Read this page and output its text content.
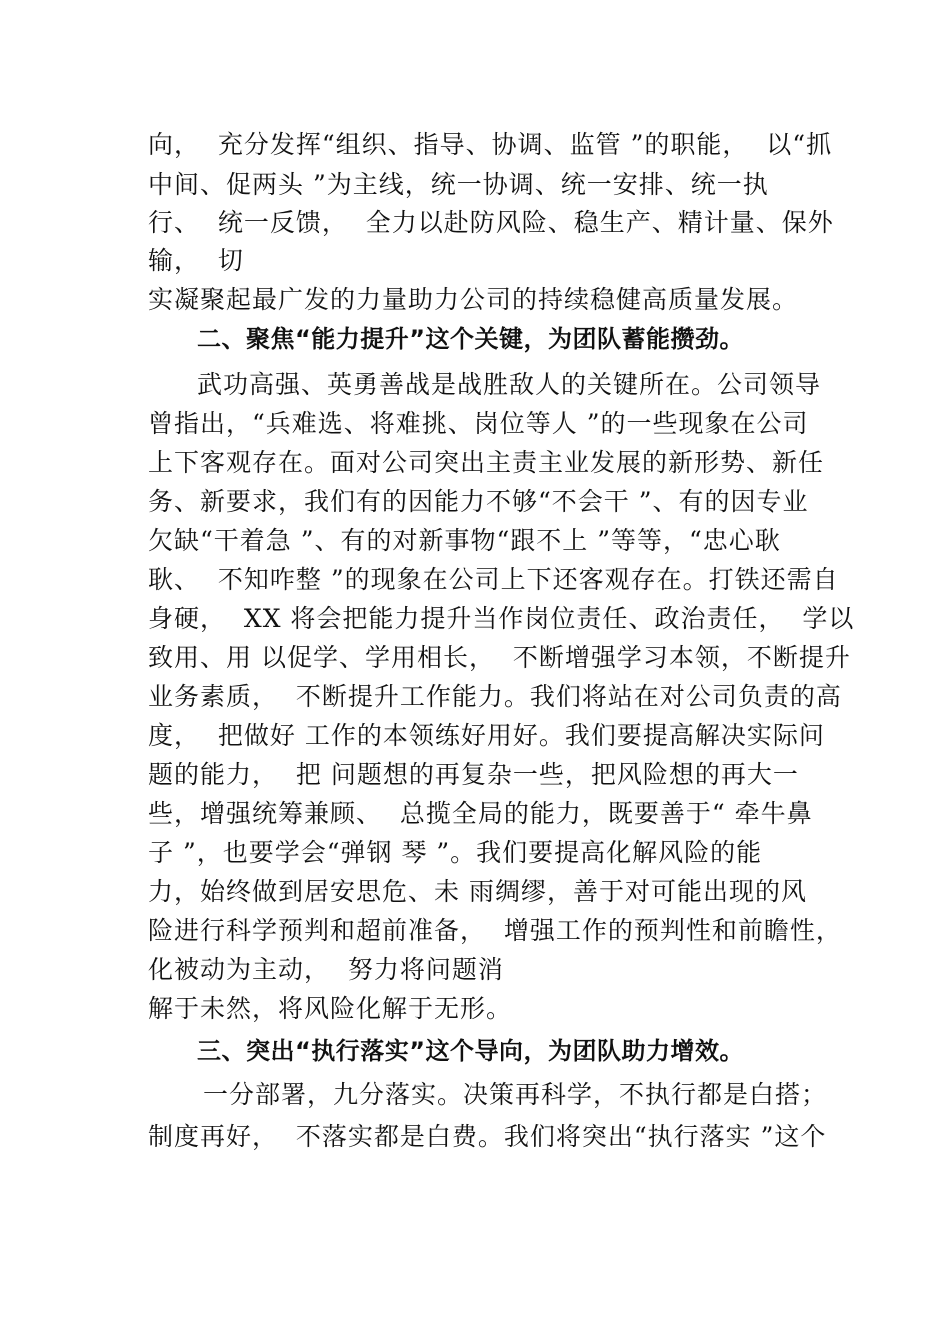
向，  充分发挥“组织、指导、协调、监管 ”的职能，  以“抓
中间、促两头 ”为主线，统一协调、统一安排、统一执
行、  统一反馈，  全力以赴防风险、稳生产、精计量、保外
输，  切
实凝聚起最广发的力量助力公司的持续稳健高质量发展。
二、聚焦“能力提升”这个关键，为团队蓄能攒劲。
武功高强、英勇善战是战胜敌人的关键所在。公司领导
曾指出，“兵难选、将难挑、岗位等人 ”的一些现象在公司
上下客观存在。面对公司突出主责主业发展的新形势、新任
务、新要求，我们有的因能力不够“不会干 ”、有的因专业
欠缺“干着急 ”、有的对新事物“跟不上 ”等等，“忠心耿
耿、  不知咋整 ”的现象在公司上下还客观存在。打铁还需自
身硬，  XX 将会把能力提升当作岗位责任、政治责任，  学以
致用、用 以促学、学用相长，  不断增强学习本领，不断提升
业务素质，  不断提升工作能力。我们将站在对公司负责的高
度，  把做好 工作的本领练好用好。我们要提高解决实际问
题的能力，  把 问题想的再复杂一些，把风险想的再大一
些，增强统筹兼顾、  总揽全局的能力，既要善于“ 牵牛鼻
子 ”，也要学会“弹钢 琴 ”。我们要提高化解风险的能
力，始终做到居安思危、未 雨绸缪，善于对可能出现的风
险进行科学预判和超前准备，  增强工作的预判性和前瞻性，
化被动为主动，  努力将问题消
解于未然，将风险化解于无形。
三、突出“执行落实”这个导向，为团队助力增效。
一分部署，九分落实。决策再科学，不执行都是白搭；
制度再好，  不落实都是白费。我们将突出“执行落实 ”这个
